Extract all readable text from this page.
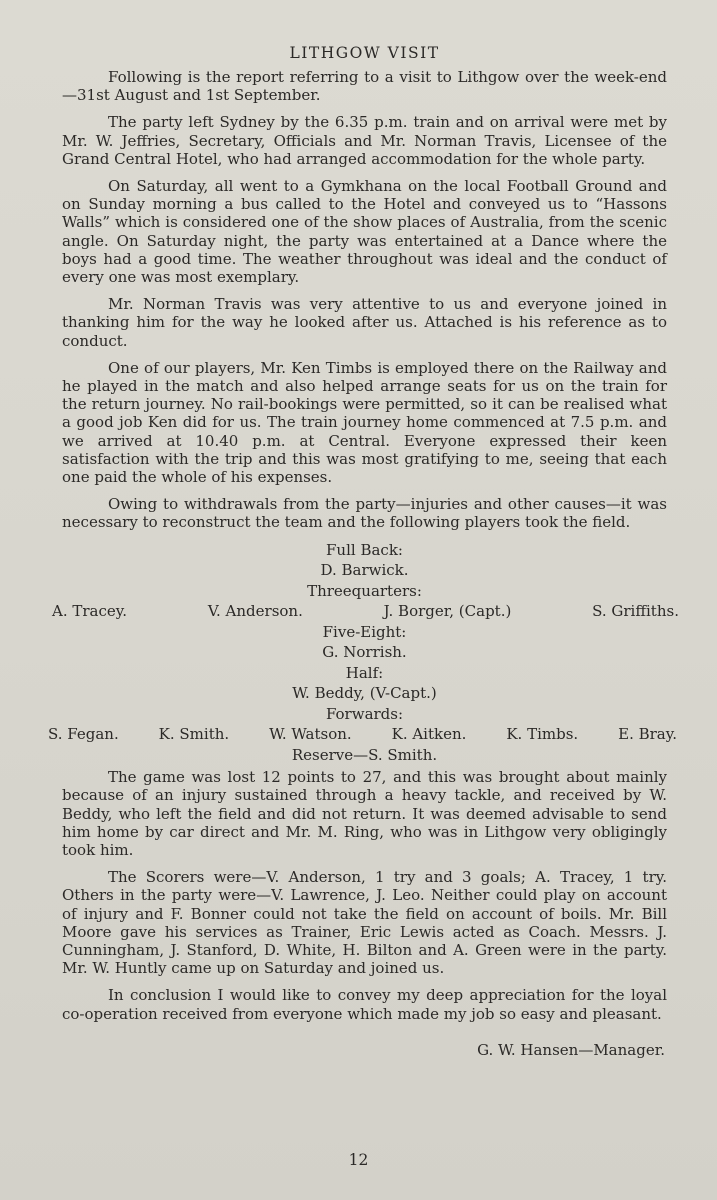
LITHGOW VISIT

Following is the report referring to a visit to Lithgow over the week-end—31st August and 1st September.

The party left Sydney by the 6.35 p.m. train and on arrival were met by Mr. W. Jeffries, Secretary, Officials and Mr. Norman Travis, Licensee of the Grand Central Hotel, who had arranged accommodation for the whole party.

On Saturday, all went to a Gymkhana on the local Football Ground and on Sunday morning a bus called to the Hotel and conveyed us to “Hassons Walls” which is considered one of the show places of Australia, from the scenic angle. On Saturday night, the party was entertained at a Dance where the boys had a good time. The weather throughout was ideal and the conduct of every one was most exemplary.

Mr. Norman Travis was very attentive to us and everyone joined in thanking him for the way he looked after us. Attached is his reference as to conduct.

One of our players, Mr. Ken Timbs is employed there on the Railway and he played in the match and also helped arrange seats for us on the train for the return journey. No rail-bookings were permitted, so it can be realised what a good job Ken did for us. The train journey home commenced at 7.5 p.m. and we arrived at 10.40 p.m. at Central. Everyone expressed their keen satisfaction with the trip and this was most gratifying to me, seeing that each one paid the whole of his expenses.

Owing to withdrawals from the party—injuries and other causes—it was necessary to reconstruct the team and the following players took the field.

Full Back:
D. Barwick.
Threequarters:
A. Tracey.	V. Anderson.	J. Borger, (Capt.)	S. Griffiths.
Five-Eight:
G. Norrish.
Half:
W. Beddy, (V-Capt.)
Forwards:
S. Fegan.	K. Smith.	W. Watson.	K. Aitken.	K. Timbs.	E. Bray.
Reserve—S. Smith.

The game was lost 12 points to 27, and this was brought about mainly because of an injury sustained through a heavy tackle, and received by W. Beddy, who left the field and did not return. It was deemed advisable to send him home by car direct and Mr. M. Ring, who was in Lithgow very obligingly took him.

The Scorers were—V. Anderson, 1 try and 3 goals; A. Tracey, 1 try. Others in the party were—V. Lawrence, J. Leo. Neither could play on account of injury and F. Bonner could not take the field on account of boils. Mr. Bill Moore gave his services as Trainer, Eric Lewis acted as Coach. Messrs. J. Cunningham, J. Stanford, D. White, H. Bilton and A. Green were in the party. Mr. W. Huntly came up on Saturday and joined us.

In conclusion I would like to convey my deep appreciation for the loyal co-operation received from everyone which made my job so easy and pleasant.

G. W. Hansen—Manager.
12
